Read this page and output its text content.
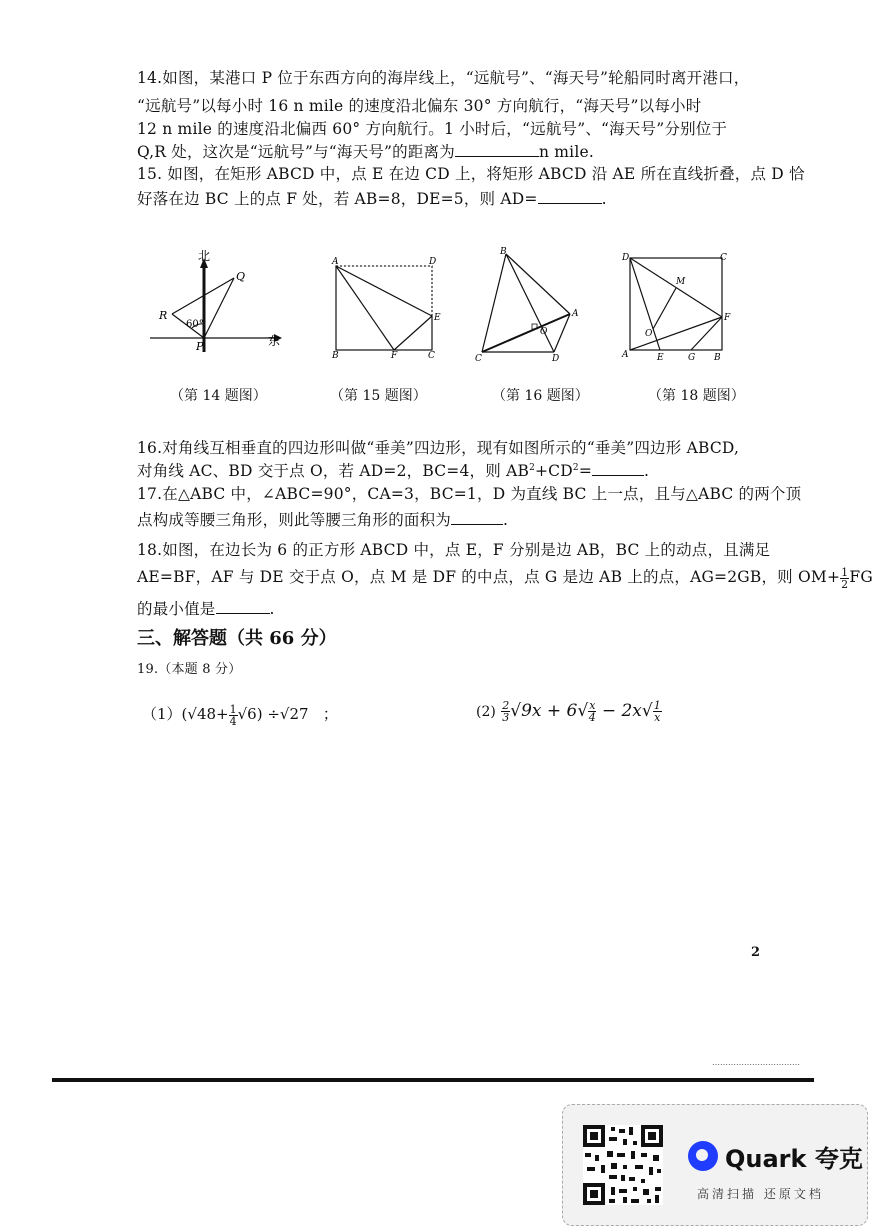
14.如图，某港口 P 位于东西方向的海岸线上，“远航号”、“海天号”轮船同时离开港口，
“远航号”以每小时 16 n mile 的速度沿北偏东 30° 方向航行，“海天号”以每小时
12 n mile 的速度沿北偏西 60° 方向航行。1 小时后，“远航号”、“海天号”分别位于
Q,R 处，这次是“远航号”与“海天号”的距离为	n mile.
15. 如图，在矩形 ABCD 中，点 E 在边 CD 上，将矩形 ABCD 沿 AE 所在直线折叠，点 D 恰
好落在边 BC 上的点 F 处，若 AB=8，DE=5，则 AD=	.
北
东
Q
R
P
60°
A	D
E
B	F	C
B
A
O
C	D
D	C
M
O
F
A	E	G B
（第 14 题图）	（第 15 题图）	（第 16 题图）	（第 18 题图）
16.对角线互相垂直的四边形叫做“垂美”四边形，现有如图所示的“垂美”四边形 ABCD,
对角线 AC、BD 交于点 O，若 AD=2，BC=4，则 $AB^2+CD^2=$	.
17.在△ABC 中，∠ABC=90°，CA=3，BC=1，D 为直线 BC 上一点，且与△ABC 的两个顶
点构成等腰三角形，则此等腰三角形的面积为	.
18.如图，在边长为 6 的正方形 ABCD 中，点 E，F 分别是边 AB，BC 上的动点，且满足
AE=BF，AF 与 DE 交于点 O，点 M 是 DF 的中点，点 G 是边 AB 上的点，AG=2GB，则 $OM+ \frac{1}{2}$ FG
的最小值是	.
三、解答题（共 66 分）
19.（本题 8 分）
$(1)(√48+ \frac{1}{4} √6) \div√27$ ；	$(2) \frac{2}{3} √9x + 6√ \frac{x}{4} - 2x√ \frac{1}{x}$
2
……………………………
Quark 夸克
高清扫描 还原文档
